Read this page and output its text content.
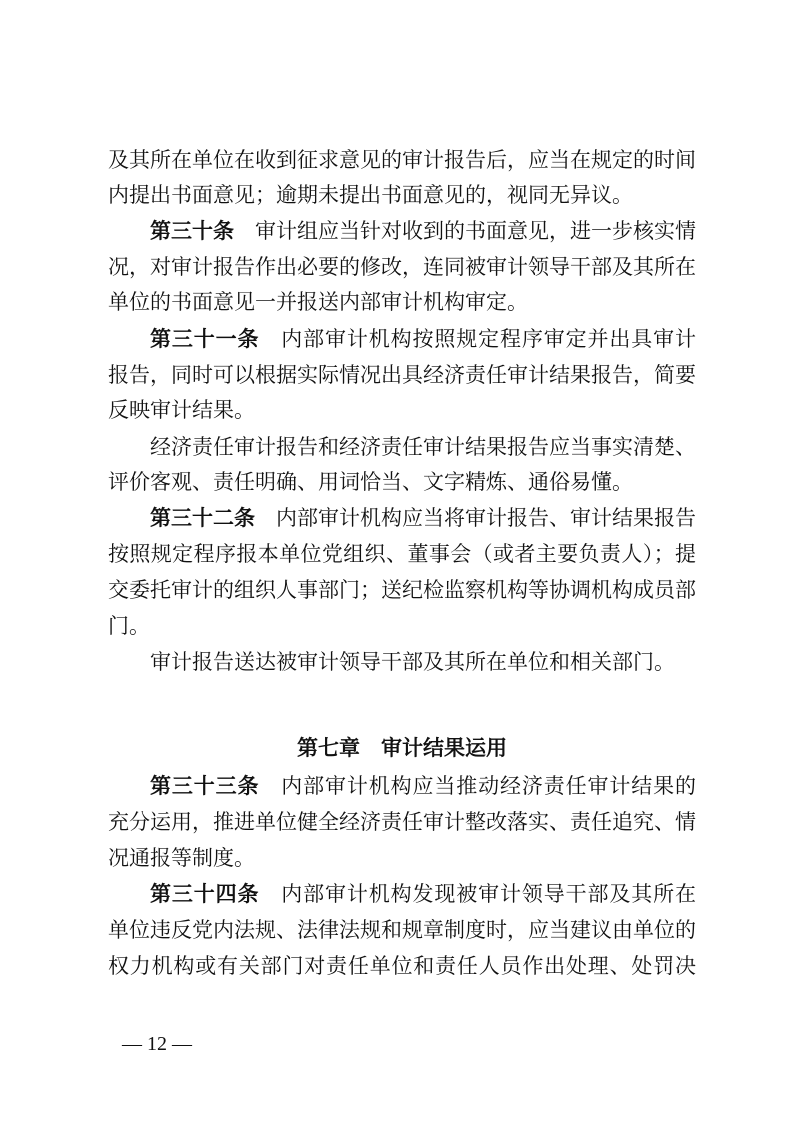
及其所在单位在收到征求意见的审计报告后，应当在规定的时间
内提出书面意见；逾期未提出书面意见的，视同无异议。
第三十条 审计组应当针对收到的书面意见，进一步核实情
况，对审计报告作出必要的修改，连同被审计领导干部及其所在
单位的书面意见一并报送内部审计机构审定。
第三十一条 内部审计机构按照规定程序审定并出具审计
报告，同时可以根据实际情况出具经济责任审计结果报告，简要
反映审计结果。
经济责任审计报告和经济责任审计结果报告应当事实清楚、
评价客观、责任明确、用词恰当、文字精炼、通俗易懂。
第三十二条 内部审计机构应当将审计报告、审计结果报告
按照规定程序报本单位党组织、董事会（或者主要负责人）；提
交委托审计的组织人事部门；送纪检监察机构等协调机构成员部
门。
审计报告送达被审计领导干部及其所在单位和相关部门。
第七章　审计结果运用
第三十三条 内部审计机构应当推动经济责任审计结果的
充分运用，推进单位健全经济责任审计整改落实、责任追究、情
况通报等制度。
第三十四条 内部审计机构发现被审计领导干部及其所在
单位违反党内法规、法律法规和规章制度时，应当建议由单位的
权力机构或有关部门对责任单位和责任人员作出处理、处罚决
— 12 —
